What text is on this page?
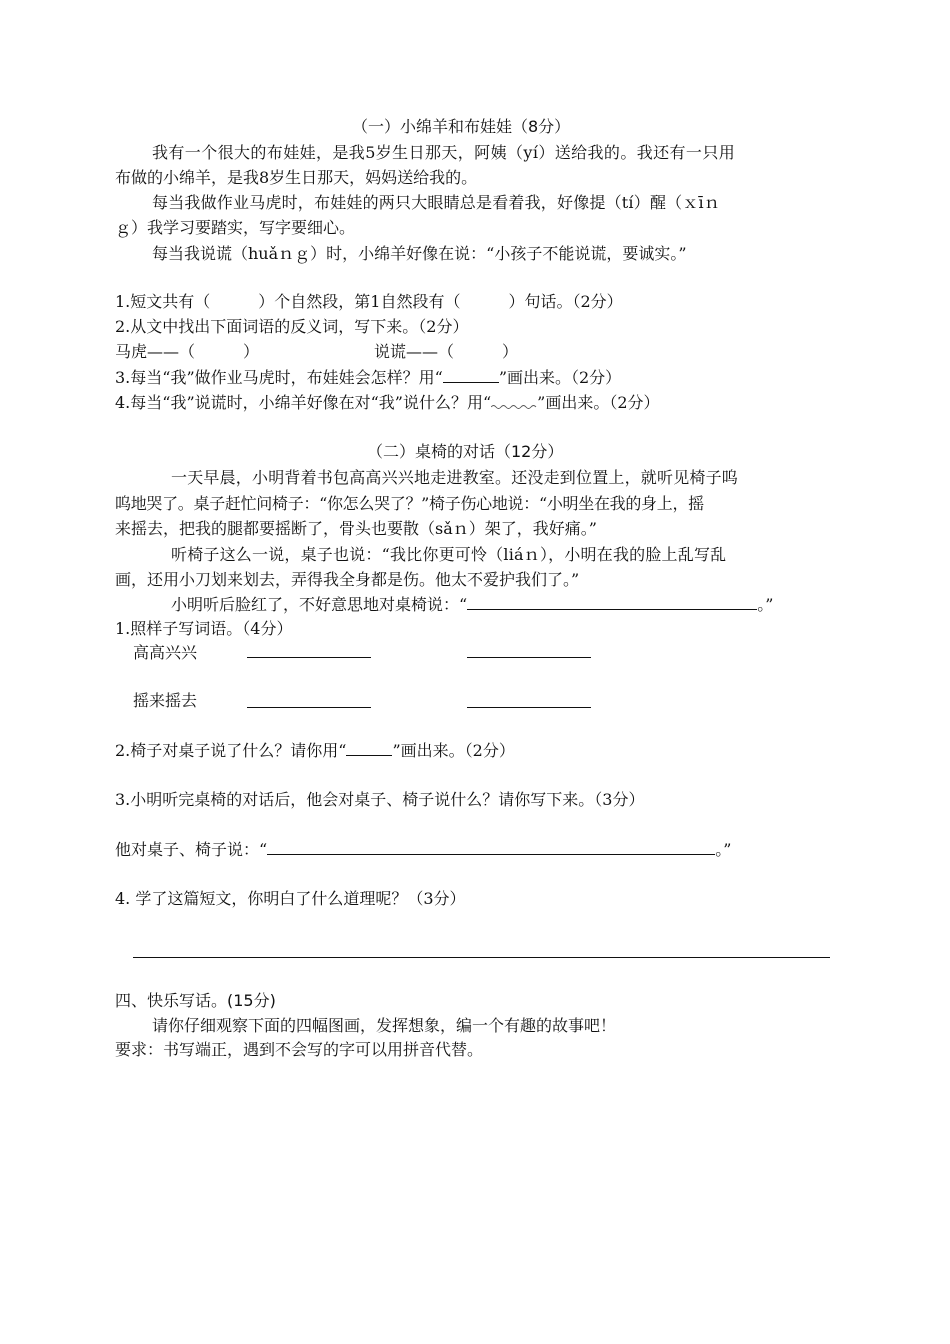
（一）小绵羊和布娃娃（8分）
我有一个很大的布娃娃，是我5岁生日那天，阿姨（yí）送给我的。我还有一只用
布做的小绵羊，是我8岁生日那天，妈妈送给我的。
每当我做作业马虎时，布娃娃的两只大眼睛总是看着我，好像提（tí）醒（ｘīｎ
ｇ）我学习要踏实，写字要细心。
每当我说谎（huǎｎｇ）时，小绵羊好像在说：“小孩子不能说谎，要诚实。”
1.短文共有（　　　）个自然段，第1自然段有（　　　）句话。（2分）
2.从文中找出下面词语的反义词，写下来。（2分）
马虎——（　　　）	说谎——（　　　）
3.每当“我”做作业马虎时，布娃娃会怎样？用“	”画出来。（2分）
4.每当“我”说谎时，小绵羊好像在对“我”说什么？用“	”画出来。（2分）
（二）桌椅的对话（12分）
一天早晨，小明背着书包高高兴兴地走进教室。还没走到位置上，就听见椅子呜
呜地哭了。桌子赶忙问椅子：“你怎么哭了？”椅子伤心地说：“小明坐在我的身上，摇
来摇去，把我的腿都要摇断了，骨头也要散（sǎｎ）架了，我好痛。”
听椅子这么一说，桌子也说：“我比你更可怜（liáｎ），小明在我的脸上乱写乱
画，还用小刀划来划去，弄得我全身都是伤。他太不爱护我们了。”
小明听后脸红了，不好意思地对桌椅说：“	。”
1.照样子写词语。（4分）
高高兴兴
摇来摇去
2.椅子对桌子说了什么？请你用“	”画出来。（2分）
3.小明听完桌椅的对话后，他会对桌子、椅子说什么？请你写下来。（3分）
他对桌子、椅子说：“	。”
4. 学了这篇短文，你明白了什么道理呢？（3分）
四、快乐写话。(15分)
请你仔细观察下面的四幅图画，发挥想象，编一个有趣的故事吧！
要求：书写端正，遇到不会写的字可以用拼音代替。
